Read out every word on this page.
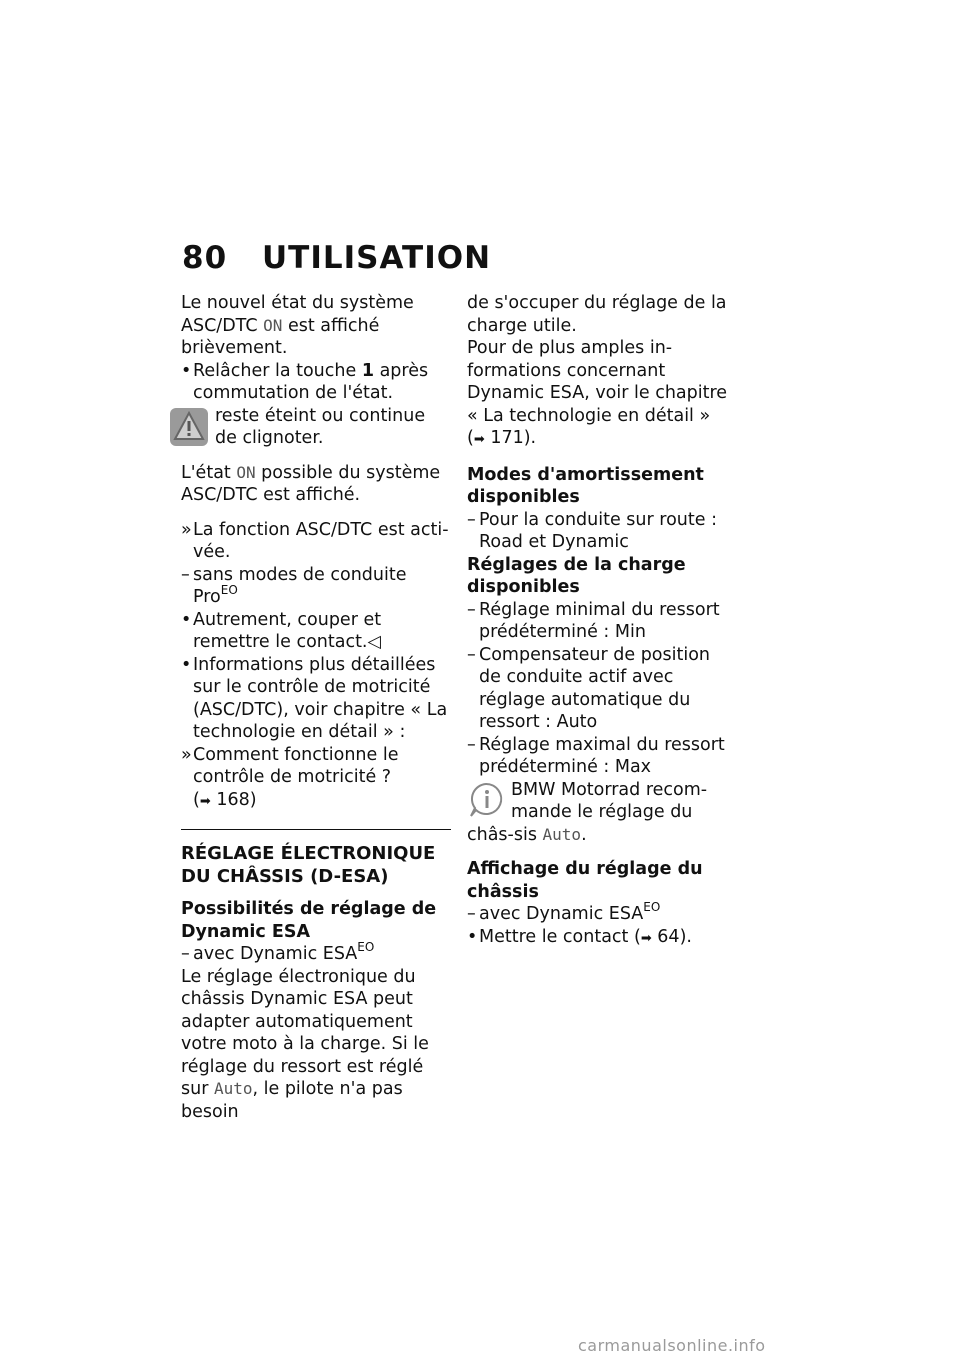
80 UTILISATION

Le nouvel état du système ASC/DTC ON est affiché brièvement.

• Relâcher la touche 1 après commutation de l'état.

reste éteint ou continue de clignoter.

L'état ON possible du système ASC/DTC est affiché.

» La fonction ASC/DTC est acti-vée.

– sans modes de conduite Pro$^{EO}$

• Autrement, couper et remettre le contact.◁

• Informations plus détaillées sur le contrôle de motricité (ASC/DTC), voir chapitre « La technologie en détail » :

» Comment fonctionne le contrôle de motricité ?
(➡ 168)

RÉGLAGE ÉLECTRONIQUE DU CHÂSSIS (D-ESA)

Possibilités de réglage de Dynamic ESA

– avec Dynamic $ESA^{EO}$

Le réglage électronique du châssis Dynamic ESA peut adapter automatiquement votre moto à la charge. Si le réglage du ressort est réglé sur Auto, le pilote n'a pas besoin

de s'occuper du réglage de la charge utile.

Pour de plus amples in-formations concernant Dynamic ESA, voir le chapitre « La technologie en détail »
(➡ 171).

Modes d'amortissement disponibles

– Pour la conduite sur route : Road et Dynamic

Réglages de la charge disponibles

– Réglage minimal du ressort prédéterminé : Min

– Compensateur de position de conduite actif avec réglage automatique du ressort : Auto

– Réglage maximal du ressort prédéterminé : Max

BMW Motorrad recom-mande le réglage du châs-sis Auto.

Affichage du réglage du châssis

– avec Dynamic $ESA^{EO}$

• Mettre le contact (➡ 64).

carmanualsonline.info
